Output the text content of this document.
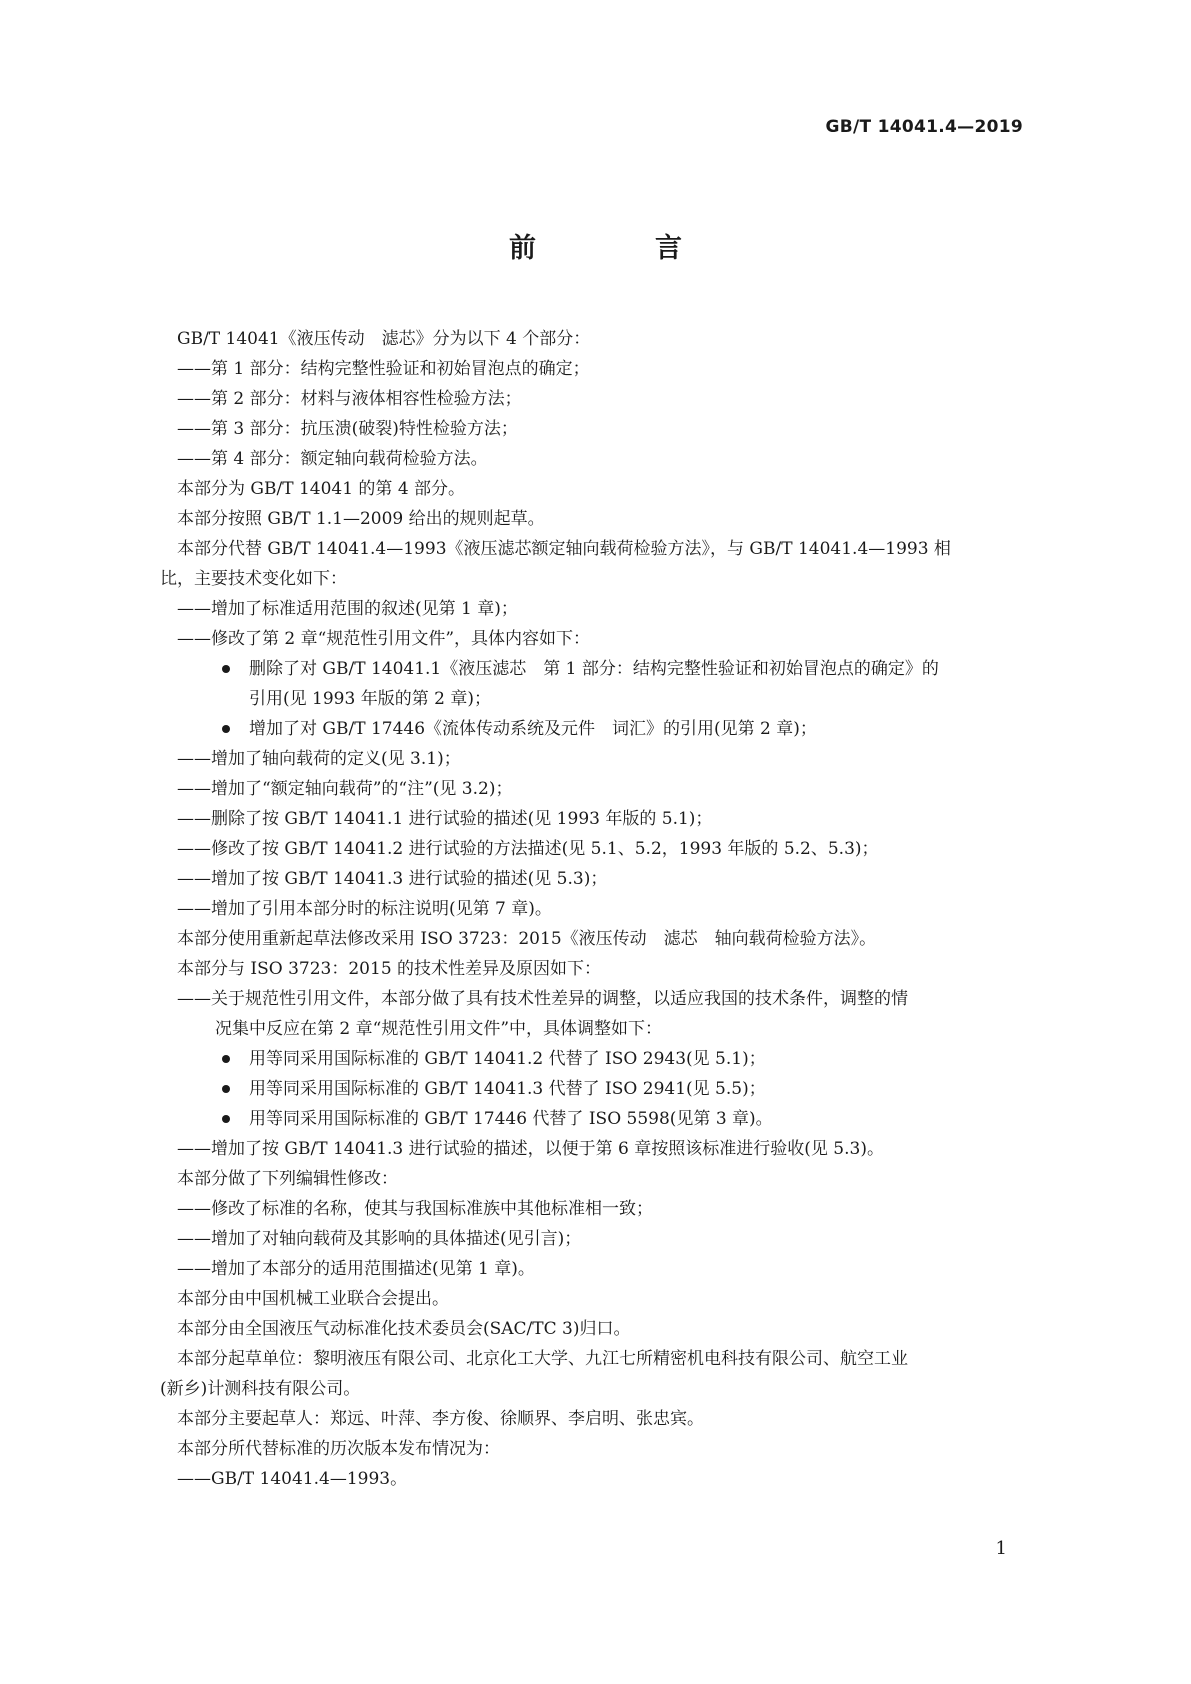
GB/T 14041.4—2019
前　言
GB/T 14041《液压传动　滤芯》分为以下 4 个部分：
——第 1 部分：结构完整性验证和初始冒泡点的确定；
——第 2 部分：材料与液体相容性检验方法；
——第 3 部分：抗压溃(破裂)特性检验方法；
——第 4 部分：额定轴向载荷检验方法。
本部分为 GB/T 14041 的第 4 部分。
本部分按照 GB/T 1.1—2009 给出的规则起草。
本部分代替 GB/T 14041.4—1993《液压滤芯额定轴向载荷检验方法》，与 GB/T 14041.4—1993 相
比，主要技术变化如下：
——增加了标准适用范围的叙述(见第 1 章)；
——修改了第 2 章“规范性引用文件”，具体内容如下：
删除了对 GB/T 14041.1《液压滤芯　第 1 部分：结构完整性验证和初始冒泡点的确定》的
引用(见 1993 年版的第 2 章)；
增加了对 GB/T 17446《流体传动系统及元件　词汇》的引用(见第 2 章)；
——增加了轴向载荷的定义(见 3.1)；
——增加了“额定轴向载荷”的“注”(见 3.2)；
——删除了按 GB/T 14041.1 进行试验的描述(见 1993 年版的 5.1)；
——修改了按 GB/T 14041.2 进行试验的方法描述(见 5.1、5.2，1993 年版的 5.2、5.3)；
——增加了按 GB/T 14041.3 进行试验的描述(见 5.3)；
——增加了引用本部分时的标注说明(见第 7 章)。
本部分使用重新起草法修改采用 ISO 3723：2015《液压传动　滤芯　轴向载荷检验方法》。
本部分与 ISO 3723：2015 的技术性差异及原因如下：
——关于规范性引用文件，本部分做了具有技术性差异的调整，以适应我国的技术条件，调整的情
况集中反应在第 2 章“规范性引用文件”中，具体调整如下：
用等同采用国际标准的 GB/T 14041.2 代替了 ISO 2943(见 5.1)；
用等同采用国际标准的 GB/T 14041.3 代替了 ISO 2941(见 5.5)；
用等同采用国际标准的 GB/T 17446 代替了 ISO 5598(见第 3 章)。
——增加了按 GB/T 14041.3 进行试验的描述，以便于第 6 章按照该标准进行验收(见 5.3)。
本部分做了下列编辑性修改：
——修改了标准的名称，使其与我国标准族中其他标准相一致；
——增加了对轴向载荷及其影响的具体描述(见引言)；
——增加了本部分的适用范围描述(见第 1 章)。
本部分由中国机械工业联合会提出。
本部分由全国液压气动标准化技术委员会(SAC/TC 3)归口。
本部分起草单位：黎明液压有限公司、北京化工大学、九江七所精密机电科技有限公司、航空工业
(新乡)计测科技有限公司。
本部分主要起草人：郑远、叶萍、李方俊、徐顺界、李启明、张忠宾。
本部分所代替标准的历次版本发布情况为：
——GB/T 14041.4—1993。
1
